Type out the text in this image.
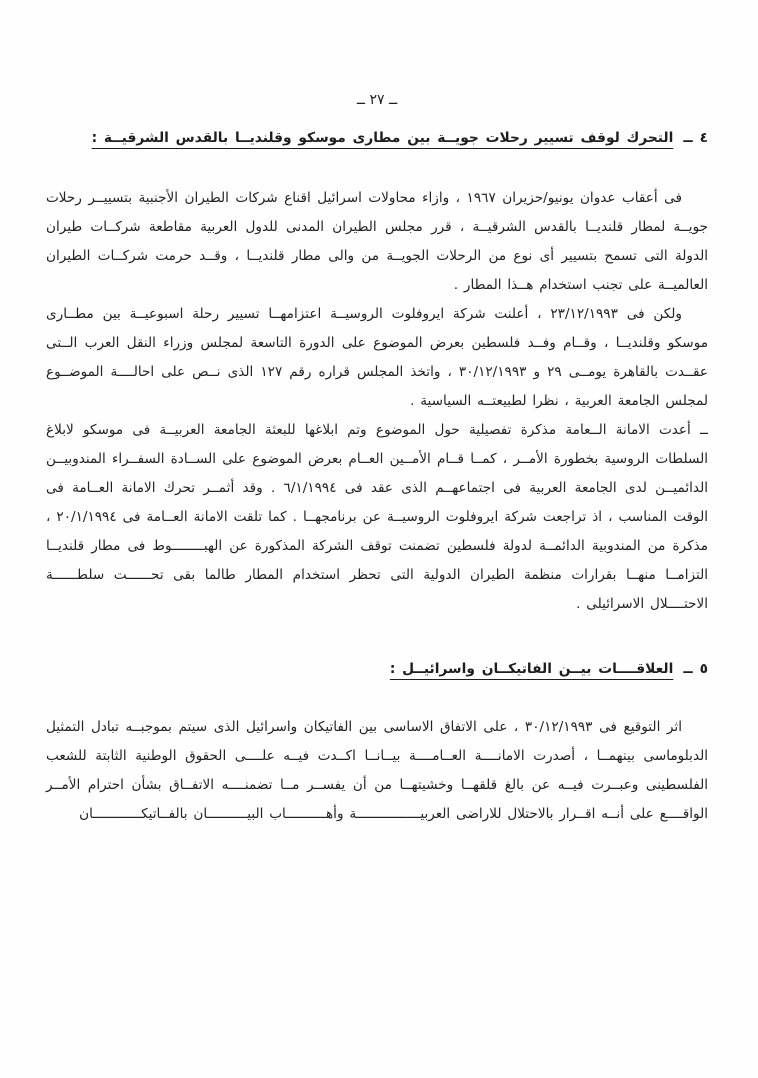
ــ ٢٧ ــ
٤ ــالتحرك لوقف تسيير رحلات جويــة بين مطارى موسكو وقلنديــا بالقدس الشرقيــة :

فى أعقاب عدوان يونيو/حزيران ١٩٦٧ ، وازاء محاولات اسرائيل اقناع شركات الطيران الأجنبية بتسييــر رحلات جويــة لمطار قلنديــا بالقدس الشرقيــة ، قرر مجلس الطيران المدنى للدول العربية مقاطعة شركــات طيران الدولة التى تسمح بتسيير أى نوع من الرحلات الجويــة من والى مطار قلنديــا ، وقــد حرمت شركــات الطيران العالميــة على تجنب استخدام هــذا المطار .

ولكن فى ٢٣/١٢/١٩٩٣ ، أعلنت شركة ايروفلوت الروسيــة اعتزامهــا تسيير رحلة اسبوعيــة بين مطــارى موسكو وقلنديــا ، وقــام وفــد فلسطين بعرض الموضوع على الدورة التاسعة لمجلس وزراء النقل العرب الــتى عقــدت بالقاهرة يومــى ٢٩ و ٣٠/١٢/١٩٩٣ ، واتخذ المجلس قراره رقم ١٢٧ الذى نــص على احالــــة الموضــوع لمجلس الجامعة العربية ، نظرا لطبيعتــه السياسية .

ــ أعدت الامانة الــعامة مذكرة تفصيلية حول الموضوع وتم ابلاغها للبعثة الجامعة العربيــة فى موسكو لابلاغ السلطات الروسية بخطورة الأمــر ، كمــا قــام الأمــين العــام بعرض الموضوع على الســادة السفــراء المندوبيــن الدائميــن لدى الجامعة العربية فى اجتماعهــم الذى عقد فى ٦/١/١٩٩٤ . وقد أثمــر تحرك الامانة العــامة فى الوقت المناسب ، اذ تراجعت شركة ايروفلوت الروسيــة عن برنامجهــا . كما تلقت الامانة العــامة فى ٢٠/١/١٩٩٤ ، مذكرة من المندوبية الدائمــة لدولة فلسطين تضمنت توقف الشركة المذكورة عن الهبــــــــوط فى مطار قلنديــا التزامــا منهــا بقرارات منظمة الطيران الدولية التى تحظر استخدام المطار طالما بقى تحــــــت سلطــــــة الاحتــــلال الاسرائيلى .

٥ ــالعلاقــــات بيــن الفاتيكــان واسرائيــل :

اثر التوقيع فى ٣٠/١٢/١٩٩٣ ، على الاتفاق الاساسى بين الفاتيكان واسرائيل الذى سيتم بموجبــه تبادل التمثيل الدبلوماسى بينهمــا ، أصدرت الامانــــة العــامــــة بيــانــا اكــدت فيــه علــــى الحقوق الوطنية الثابتة للشعب الفلسطينى وعبــرت فيــه عن بالغ قلقهــا وخشيتهــا من أن يفســر مــا تضمنــــه الاتفــاق بشأن احترام الأمــر الواقــــع على أنــه اقــرار بالاحتلال للاراضى العربيــــــــــــــــة وأهــــــــــاب البيــــــــــان بالفــاتيكــــــــــــان
